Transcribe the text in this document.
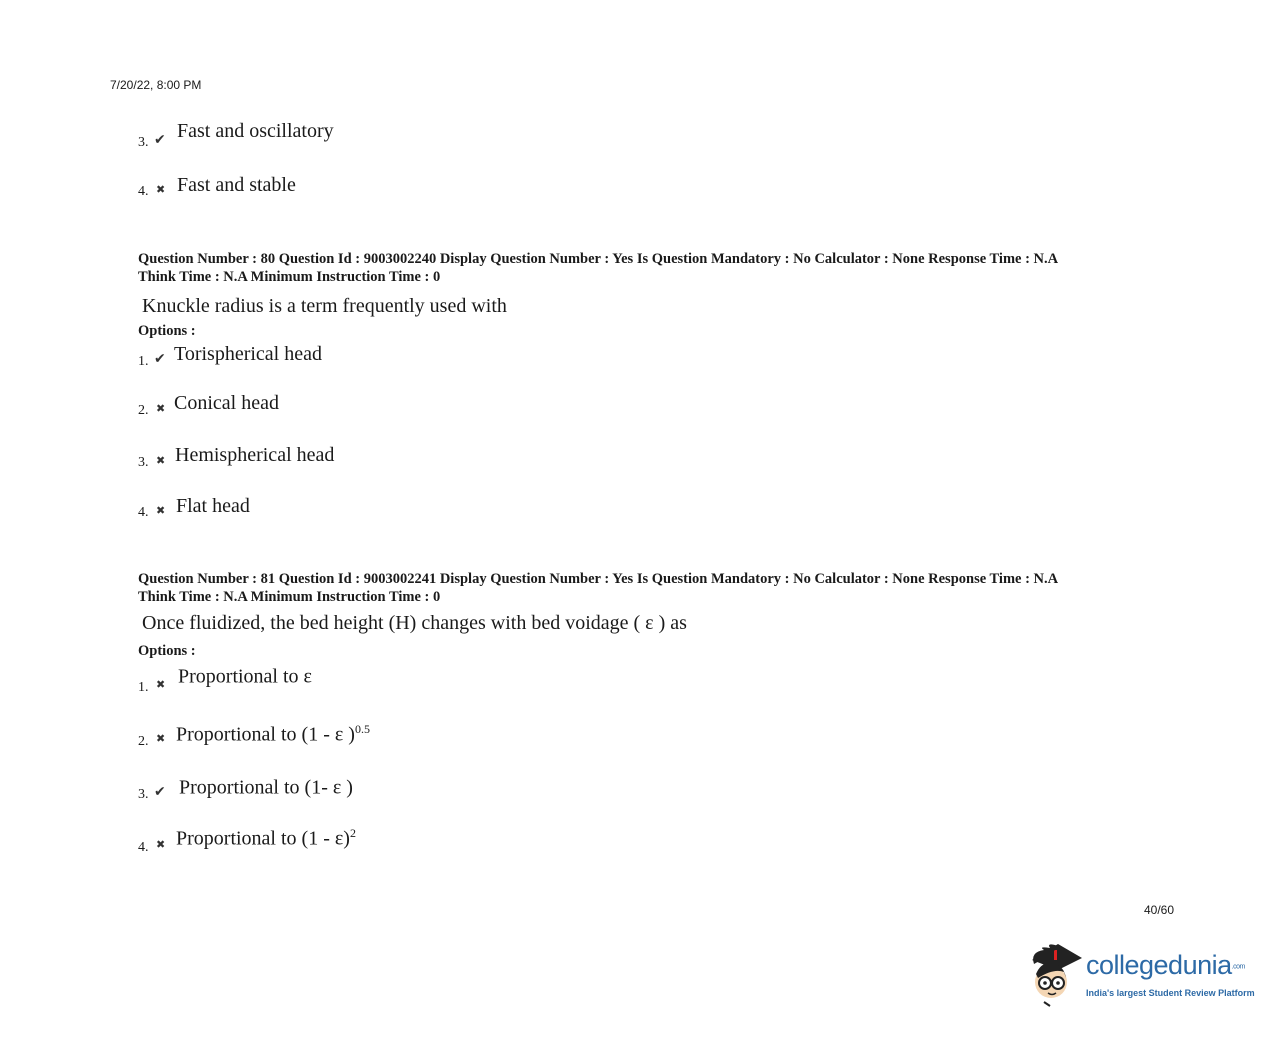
7/20/22, 8:00 PM
3. ✔ Fast and oscillatory
4. ✖ Fast and stable
Question Number : 80 Question Id : 9003002240 Display Question Number : Yes Is Question Mandatory : No Calculator : None Response Time : N.A
Think Time : N.A Minimum Instruction Time : 0
Knuckle radius is a term frequently used with
Options :
1. ✔ Torispherical head
2. ✖ Conical head
3. ✖ Hemispherical head
4. ✖ Flat head
Question Number : 81 Question Id : 9003002241 Display Question Number : Yes Is Question Mandatory : No Calculator : None Response Time : N.A
Think Time : N.A Minimum Instruction Time : 0
Once fluidized, the bed height (H) changes with bed voidage ( ε ) as
Options :
1. ✖ Proportional to ε
2. ✖ Proportional to (1 - ε )$^{0.5}$
3. ✔ Proportional to (1- ε )
4. ✖ Proportional to (1 - ε)$^2$
40/60
collegedunia.com
India's largest Student Review Platform
